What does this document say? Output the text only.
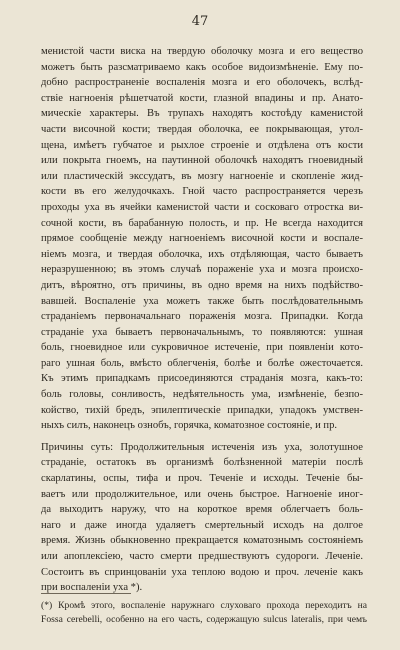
47
менистой части виска на твердую оболочку мозга и его вещество
можетъ быть разсматриваемо какъ особое видоизмѣненіе. Ему по-
добно распространеніе воспаленія мозга и его оболочекъ, вслѣд-
ствіе нагноенія рѣшетчатой кости, глазной впадины и пр. Анато-
мическіе характеры. Въ трупахъ находятъ костоѣду каменистой
части височной кости; твердая оболочка, ее покрывающая, утол-
щена, имѣетъ губчатое и рыхлое строеніе и отдѣлена отъ кости
или покрыта гноемъ, на паутинной оболочкѣ находятъ гноевидный
или пластическій экссудатъ, въ мозгу нагноеніе и скопленіе жид-
кости въ его желудочкахъ. Гной часто распространяется черезъ
проходы уха въ ячейки каменистой части и сосковаго отростка ви-
сочной кости, въ барабанную полость, и пр. Не всегда находится
прямое сообщеніе между нагноеніемъ височной кости и воспале-
ніемъ мозга, и твердая оболочка, ихъ отдѣляющая, часто бываетъ
неразрушенною; въ этомъ случаѣ пораженіе уха и мозга происхо-
дитъ, вѣроятно, отъ причины, въ одно время на нихъ подѣйство-
вавшей. Воспаленіе уха можетъ также быть послѣдовательнымъ
страданіемъ первоначальнаго пораженія мозга. Припадки. Когда
страданіе уха бываетъ первоначальнымъ, то появляются: ушная
боль, гноевидное или сукровичное истеченіе, при появленіи кото-
раго ушная боль, вмѣсто облегченія, болѣе и болѣе ожесточается.
Къ этимъ припадкамъ присоединяются страданія мозга, какъ-то:
боль головы, сонливость, недѣятельность ума, измѣненіе, безпо-
койство, тихій бредъ, эпилептическіе припадки, упадокъ умствен-
ныхъ силъ, наконецъ ознобъ, горячка, коматозное состояніе, и пр.
Причины суть: Продолжительныя истеченія изъ уха, золотушное
страданіе, остатокъ въ организмѣ болѣзненной матеріи послѣ
скарлатины, оспы, тифа и проч. Теченіе и исходы. Теченіе бы-
ваетъ или продолжительное, или очень быстрое. Нагноеніе иног-
да выходитъ наружу, что на короткое время облегчаетъ боль-
наго и даже иногда удаляетъ смертельный исходъ на долгое
время. Жизнь обыкновенно прекращается коматознымъ состояніемъ
или апоплексіею, часто смерти предшествуютъ судороги. Леченіе.
Состоитъ въ спринцованіи уха теплою водою и проч. леченіе какъ
при воспаленіи уха *).
(*) Кромѣ этого, воспаленіе наружнаго слуховаго прохода переходитъ на
Fossa cerebelli, особенно на его часть, содержащую sulcus lateralis, при чемъ
